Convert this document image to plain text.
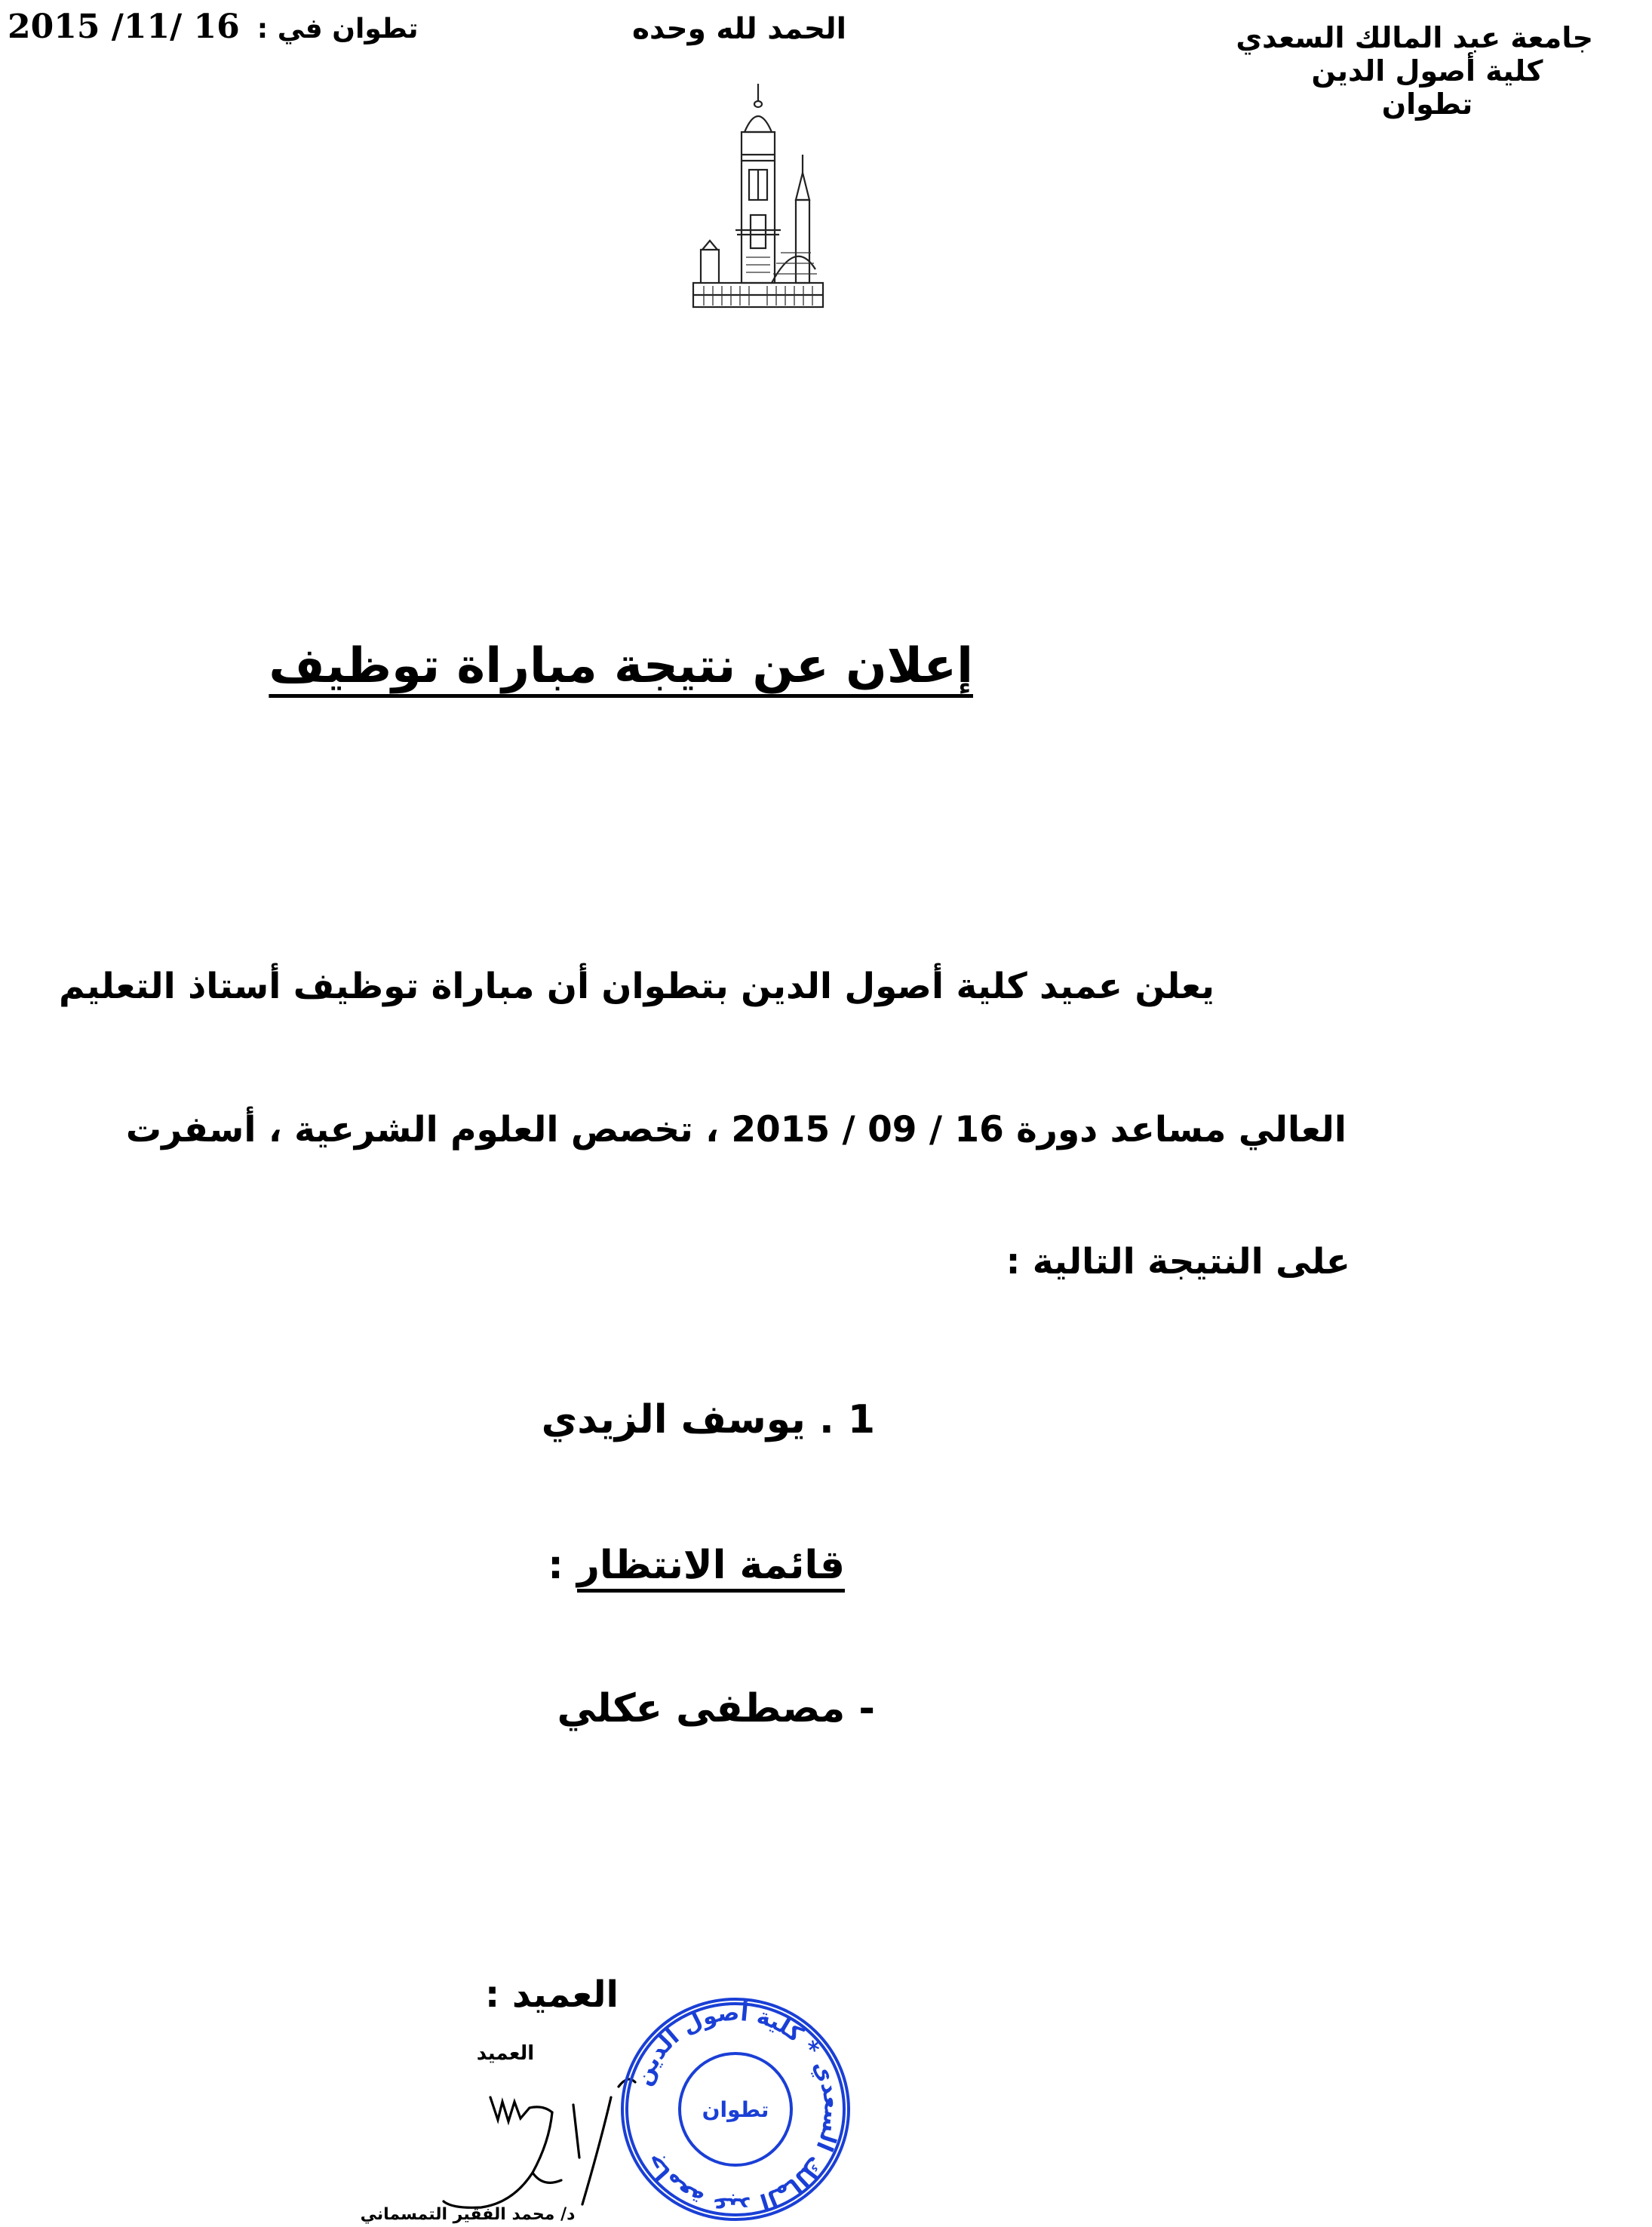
جامعة عبد المالك السعدي
كلية أصول الدين
تطوان
الحمد لله وحده
2015 /11/ 16 تطوان في :
إعلان عن نتيجة مباراة توظيف
يعلن عميد كلية أصول الدين بتطوان أن مباراة توظيف أستاذ التعليم
العالي مساعد دورة 16 / 09 / 2015 ، تخصص العلوم الشرعية ، أسفرت
على النتيجة التالية :
1 . يوسف الزيدي
قائمة الانتظار :
- مصطفى عكلي
العميد :
العميد
د/ محمد الفقير التمسماني
جامعة عبد المالك السعدي * كلية أصول الدين
تطوان
